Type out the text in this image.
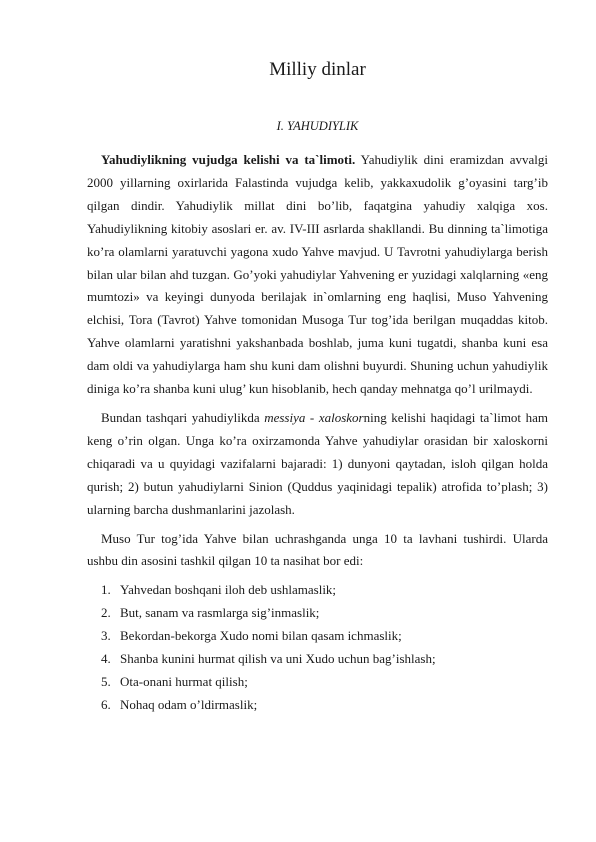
Milliy dinlar

I. YAHUDIYLIK

Yahudiylikning vujudga kelishi va ta`limoti. Yahudiylik dini eramizdan avvalgi 2000 yillarning oxirlarida Falastinda vujudga kelib, yakkaxudolik g’oyasini targ’ib qilgan dindir. Yahudiylik millat dini bo’lib, faqatgina yahudiy xalqiga xos. Yahudiylikning kitobiy asoslari er. av. IV-III asrlarda shakllandi. Bu dinning ta`limotiga ko’ra olamlarni yaratuvchi yagona xudo Yahve mavjud. U Tavrotni yahudiylarga berish bilan ular bilan ahd tuzgan. Go’yoki yahudiylar Yahvening er yuzidagi xalqlarning «eng mumtozi» va keyingi dunyoda berilajak in`omlarning eng haqlisi, Muso Yahvening elchisi, Tora (Tavrot) Yahve tomonidan Musoga Tur tog’ida berilgan muqaddas kitob. Yahve olamlarni yaratishni yakshanbada boshlab, juma kuni tugatdi, shanba kuni esa dam oldi va yahudiylarga ham shu kuni dam olishni buyurdi. Shuning uchun yahudiylik diniga ko’ra shanba kuni ulug’ kun hisoblanib, hech qanday mehnatga qo’l urilmaydi.

Bundan tashqari yahudiylikda messiya - xaloskorning kelishi haqidagi ta`limot ham keng o’rin olgan. Unga ko’ra oxirzamonda Yahve yahudiylar orasidan bir xaloskorni chiqaradi va u quyidagi vazifalarni bajaradi: 1) dunyoni qaytadan, isloh qilgan holda qurish; 2) butun yahudiylarni Sinion (Quddus yaqinidagi tepalik) atrofida to’plash; 3) ularning barcha dushmanlarini jazolash.

Muso Tur tog’ida Yahve bilan uchrashganda unga 10 ta lavhani tushirdi. Ularda ushbu din asosini tashkil qilgan 10 ta nasihat bor edi:

1. Yahvedan boshqani iloh deb ushlamaslik;
2. But, sanam va rasmlarga sig’inmaslik;
3. Bekordan-bekorga Xudo nomi bilan qasam ichmaslik;
4. Shanba kunini hurmat qilish va uni Xudo uchun bag’ishlash;
5. Ota-onani hurmat qilish;
6. Nohaq odam o’ldirmaslik;
